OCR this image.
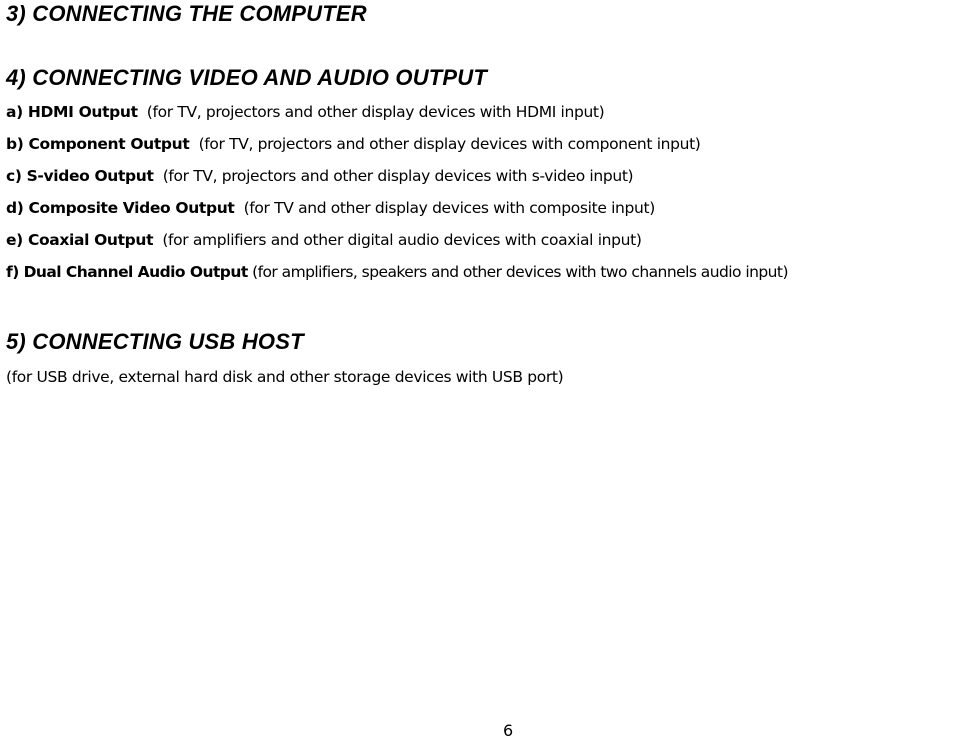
3) CONNECTING THE COMPUTER
4) CONNECTING VIDEO AND AUDIO OUTPUT

a) HDMI Output (for TV, projectors and other display devices with HDMI input)

b) Component Output (for TV, projectors and other display devices with component input)

c) S-video Output (for TV, projectors and other display devices with s-video input)

d) Composite Video Output (for TV and other display devices with composite input)

e) Coaxial Output (for amplifiers and other digital audio devices with coaxial input)

f) Dual Channel Audio Output (for amplifiers, speakers and other devices with two channels audio input)

5) CONNECTING USB HOST

(for USB drive, external hard disk and other storage devices with USB port)

6
